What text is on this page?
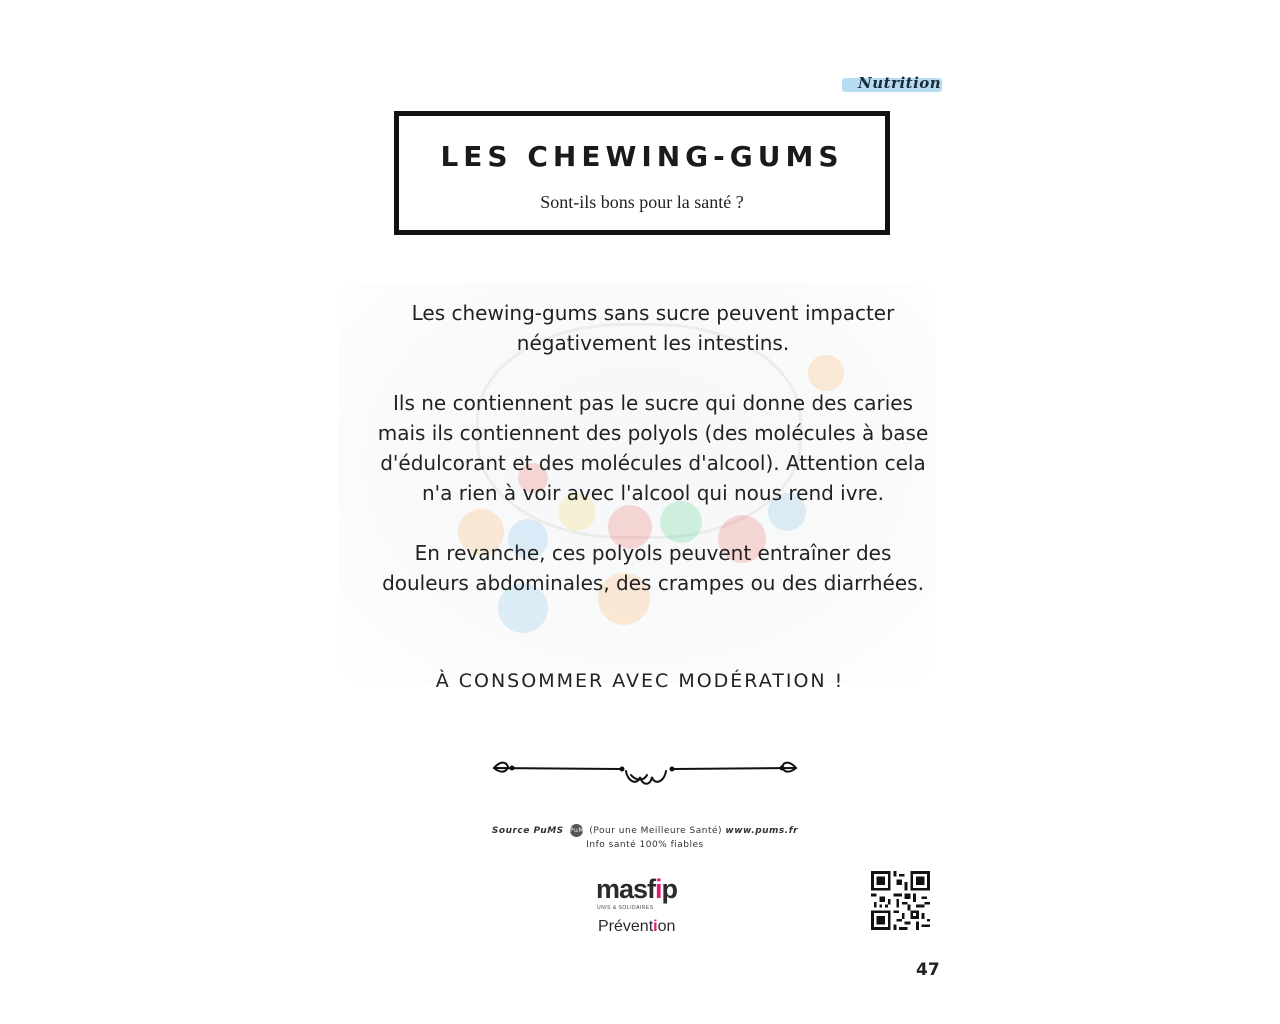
Nutrition
LES CHEWING-GUMS
Sont-ils bons pour la santé ?
Les chewing-gums sans sucre peuvent impacter
négativement les intestins.
Ils ne contiennent pas le sucre qui donne des caries
mais ils contiennent des polyols (des molécules à base
d'édulcorant et des molécules d'alcool). Attention cela
n'a rien à voir avec l'alcool qui nous rend ivre.
En revanche, ces polyols peuvent entraîner des
douleurs abdominales, des crampes ou des diarrhées.
À CONSOMMER AVEC MODÉRATION !
Source PuMS PuMS (Pour une Meilleure Santé) www.pums.fr
Info santé 100% fiables
masfip
UNIS & SOLIDAIRES
Prévention
47
